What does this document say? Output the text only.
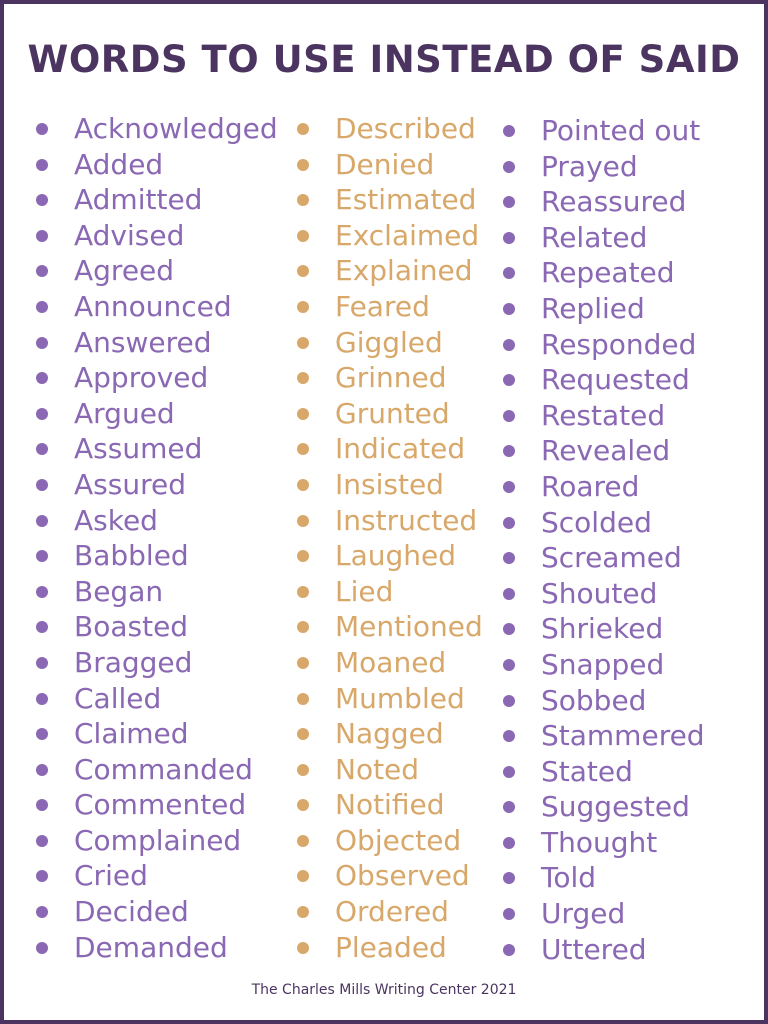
WORDS TO USE INSTEAD OF SAID
Acknowledged
Added
Admitted
Advised
Agreed
Announced
Answered
Approved
Argued
Assumed
Assured
Asked
Babbled
Began
Boasted
Bragged
Called
Claimed
Commanded
Commented
Complained
Cried
Decided
Demanded
Described
Denied
Estimated
Exclaimed
Explained
Feared
Giggled
Grinned
Grunted
Indicated
Insisted
Instructed
Laughed
Lied
Mentioned
Moaned
Mumbled
Nagged
Noted
Notified
Objected
Observed
Ordered
Pleaded
Pointed out
Prayed
Reassured
Related
Repeated
Replied
Responded
Requested
Restated
Revealed
Roared
Scolded
Screamed
Shouted
Shrieked
Snapped
Sobbed
Stammered
Stated
Suggested
Thought
Told
Urged
Uttered
The Charles Mills Writing Center 2021
